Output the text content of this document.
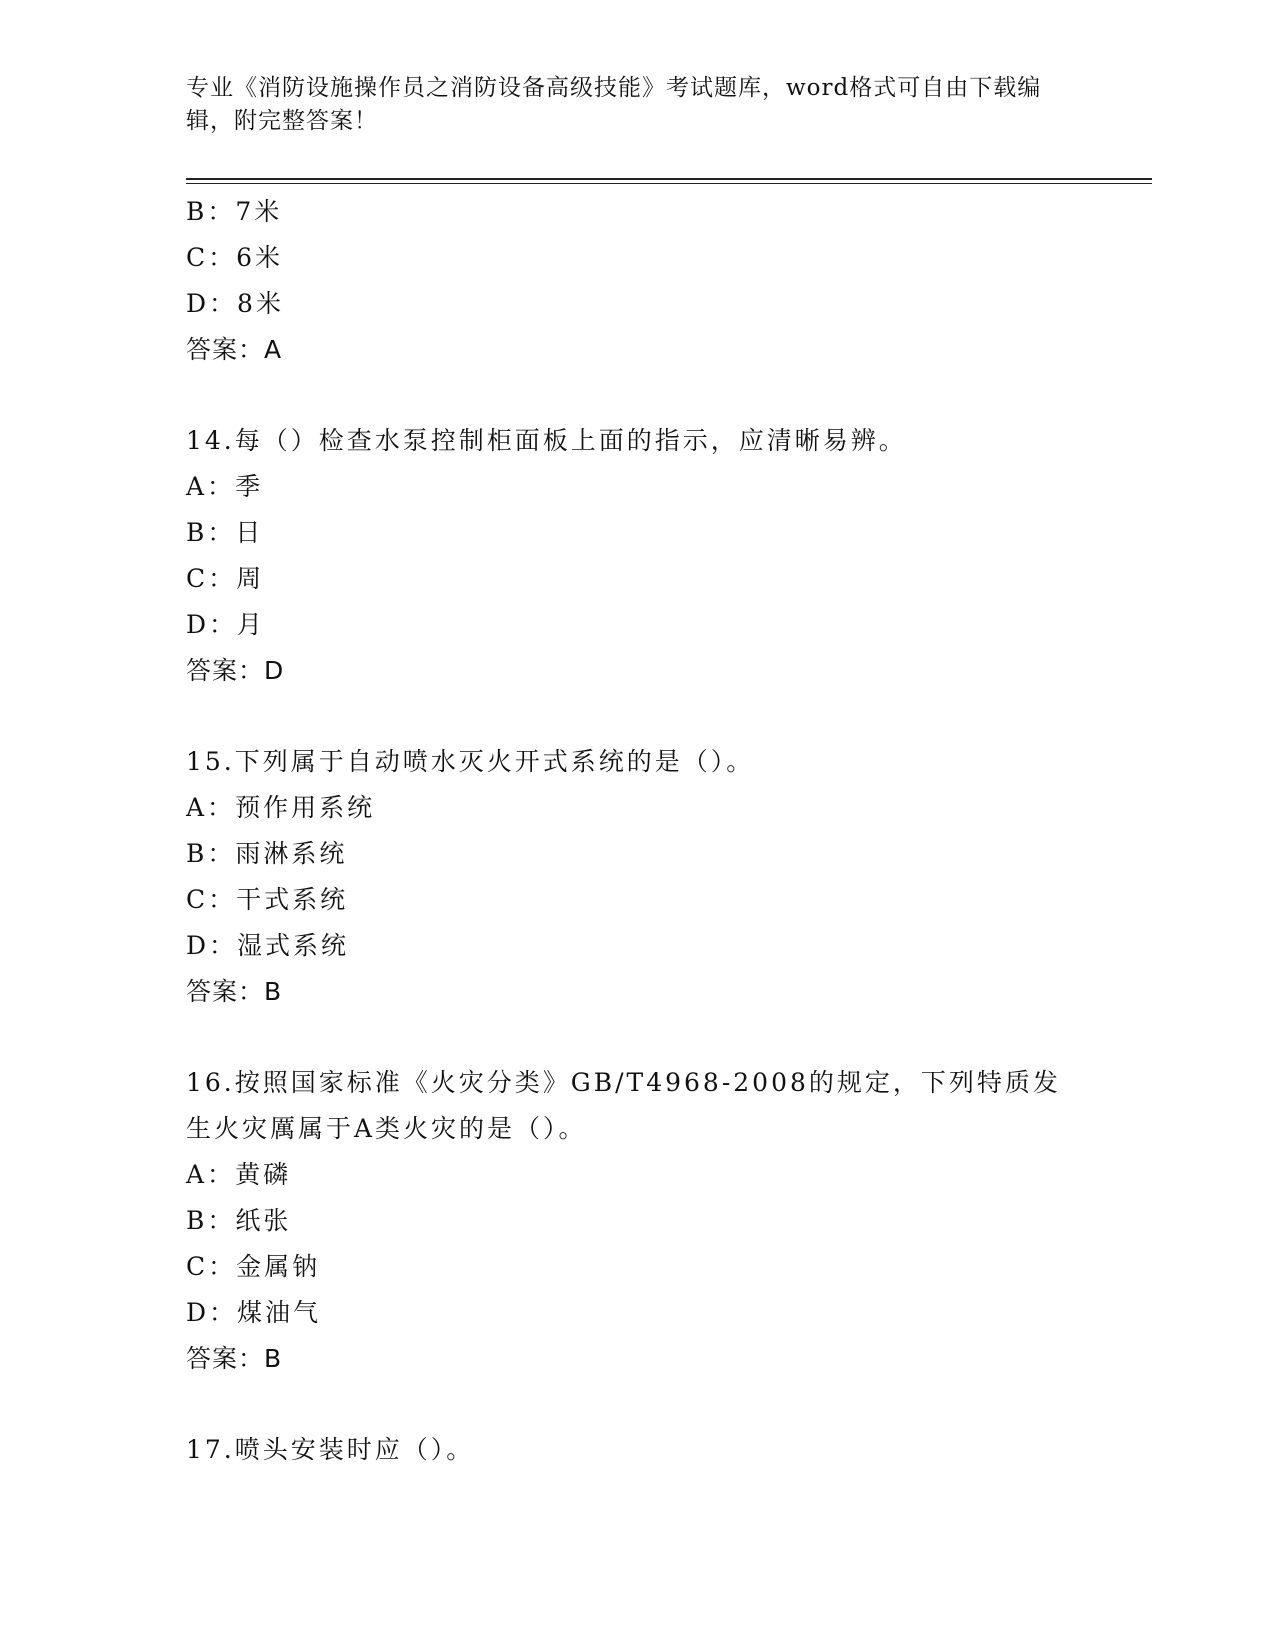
专业《消防设施操作员之消防设备高级技能》考试题库，word格式可自由下载编辑，附完整答案！
B：7米
C：6米
D：8米
答案：A
14.每（）检查水泵控制柜面板上面的指示，应清晰易辨。
A：季
B：日
C：周
D：月
答案：D
15.下列属于自动喷水灭火开式系统的是（）。
A：预作用系统
B：雨淋系统
C：干式系统
D：湿式系统
答案：B
16.按照国家标准《火灾分类》GB/T4968-2008的规定，下列特质发生火灾厲属于A类火灾的是（）。
A：黄磷
B：纸张
C：金属钠
D：煤油气
答案：B
17.喷头安装时应（）。
